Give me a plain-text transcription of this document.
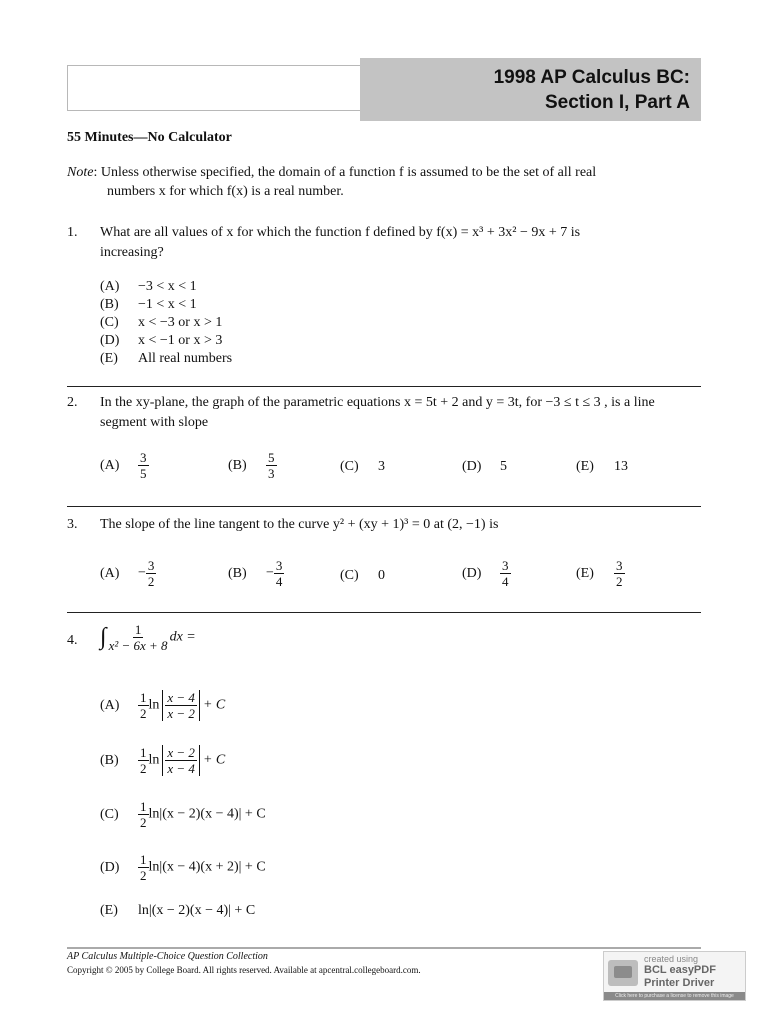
1998 AP Calculus BC:
Section I, Part A
55 Minutes—No Calculator
Note: Unless otherwise specified, the domain of a function f is assumed to be the set of all real
numbers x for which f(x) is a real number.
1. What are all values of x for which the function f defined by f(x) = x³ + 3x² − 9x + 7 is
increasing?
(A) −3 < x < 1
(B) −1 < x < 1
(C) x < −3 or x > 1
(D) x < −1 or x > 3
(E) All real numbers
2. In the xy-plane, the graph of the parametric equations x = 5t + 2 and y = 3t, for −3 ≤ t ≤ 3 , is a line
segment with slope
$(A) \frac{3}{5}$	$(B) \frac{5}{3}$	(C) 3	(D) 5	(E) 13
3. The slope of the line tangent to the curve y² + (xy + 1)³ = 0 at (2, −1) is
$(A) - \frac{3}{2}$	$(B) - \frac{3}{4}$	(C) 0	$(D) \frac{3}{4}$	$(E) \frac{3}{2}$
4. ∫ $\frac{1}{\text{x² − 6x + 8}}$ dx =
$(A) \frac{1}{2}$ $\ln \frac{x - 4}{x - 2} + C$
$(B) \frac{1}{2}$ $\ln \frac{x - 2}{x - 4} + C$
$(C) \frac{1}{2} \ln|(x - 2)(x - 4)| + C$
$(D) \frac{1}{2} \ln|(x - 4)(x + 2)| + C$
(E) ln|(x − 2)(x − 4)| + C
AP Calculus Multiple-Choice Question Collection
Copyright © 2005 by College Board. All rights reserved. Available at apcentral.collegeboard.com.
created using
BCL easyPDF
Printer Driver
Click here to purchase a license to remove this image
